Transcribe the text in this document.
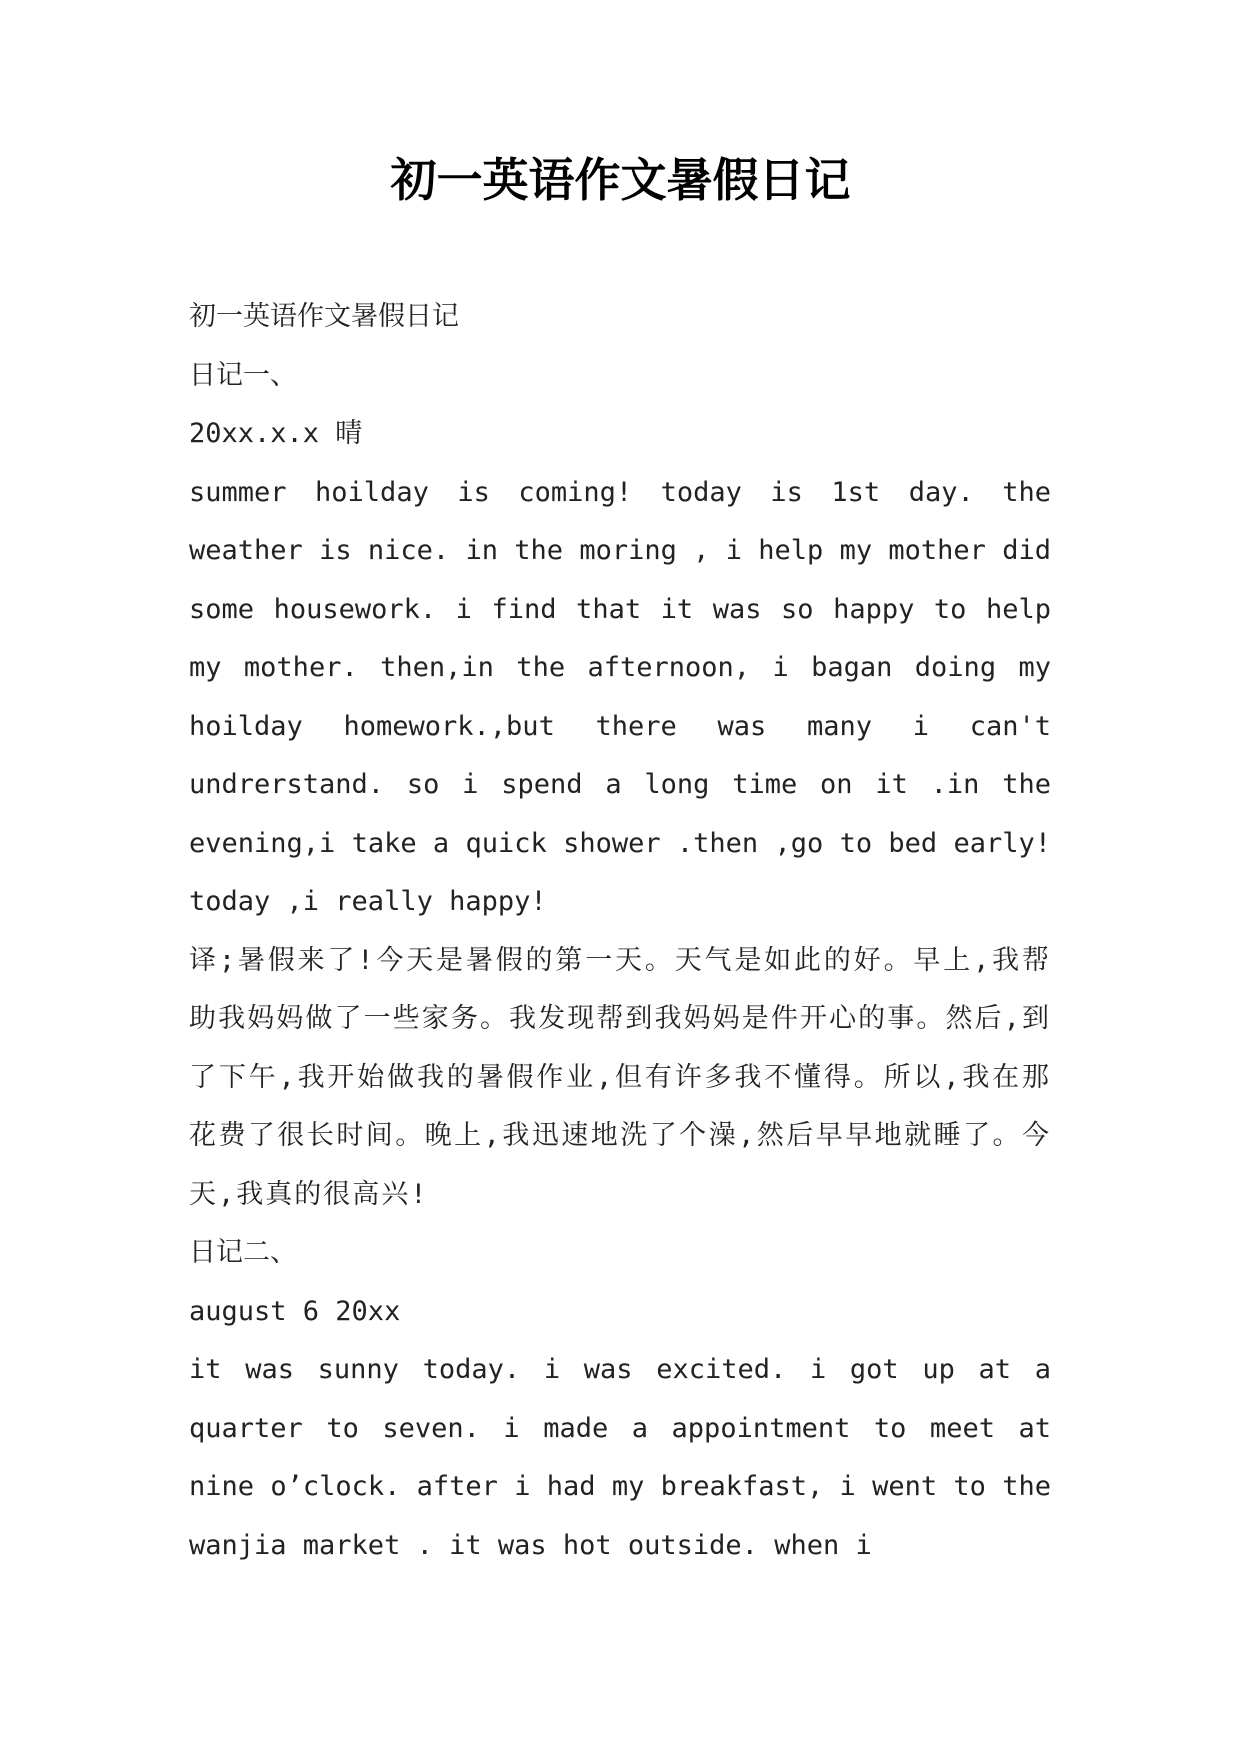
初一英语作文暑假日记
初一英语作文暑假日记
日记一、
20xx.x.x 晴
summer hoilday is coming! today is 1st day. the weather is nice. in the moring , i help my mother did some housework. i find that it was so happy to help my mother. then,in the afternoon, i bagan doing my hoilday homework.,but there was many i can't undrerstand. so i spend a long time on it .in the evening,i take a quick shower .then ,go to bed early! today ,i really happy!
译;暑假来了!今天是暑假的第一天。天气是如此的好。早上,我帮助我妈妈做了一些家务。我发现帮到我妈妈是件开心的事。然后,到了下午,我开始做我的暑假作业,但有许多我不懂得。所以,我在那花费了很长时间。晚上,我迅速地洗了个澡,然后早早地就睡了。今天,我真的很高兴!
日记二、
august 6 20xx
it was sunny today. i was excited. i got up at a quarter to seven. i made a appointment to meet at nine o’clock. after i had my breakfast, i went to the wanjia market . it was hot outside. when i
